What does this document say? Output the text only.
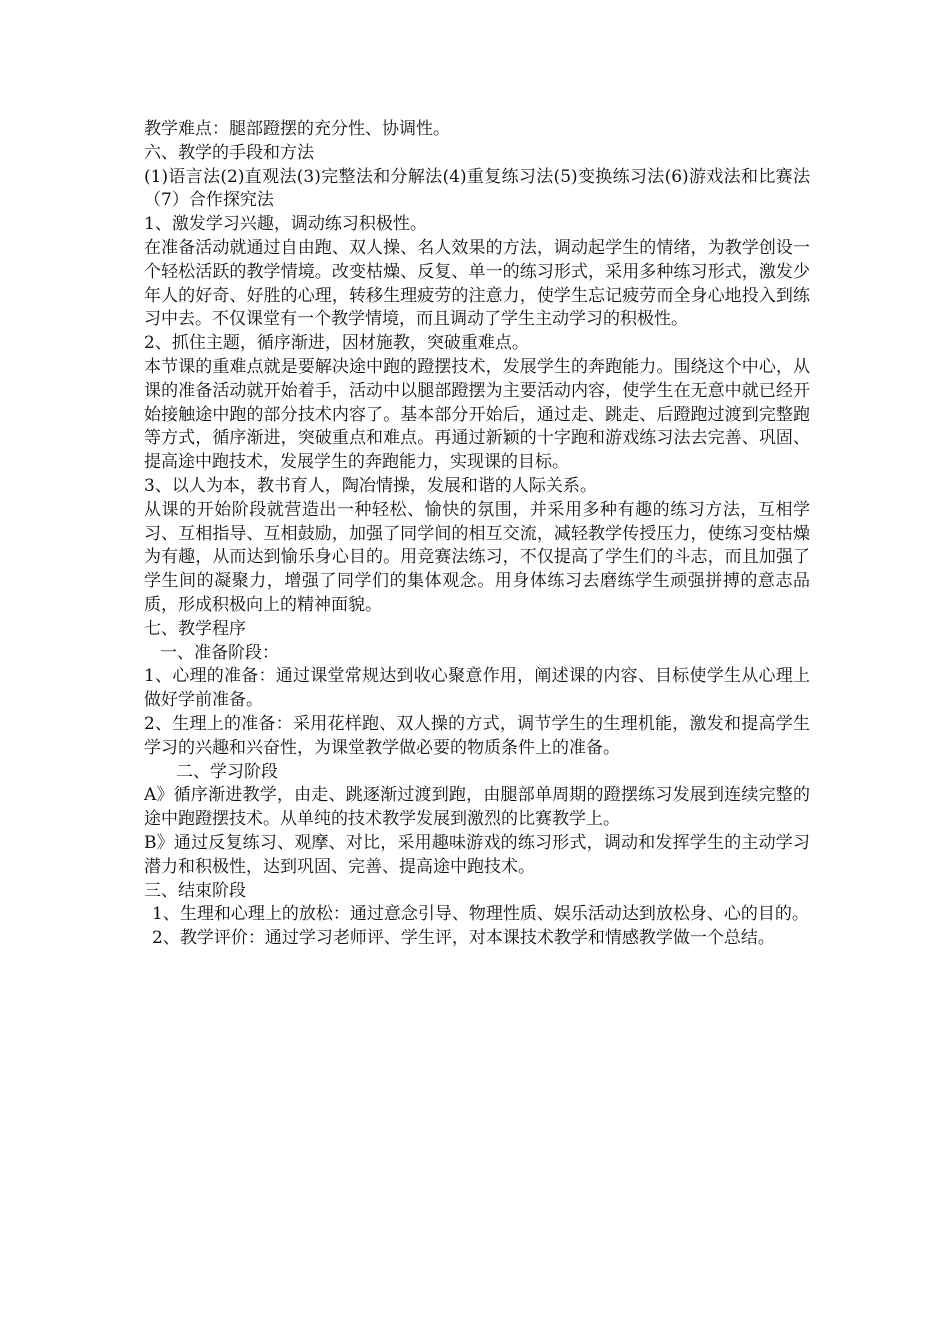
教学难点：腿部蹬摆的充分性、协调性。

六、教学的手段和方法

(1)语言法(2)直观法(3)完整法和分解法(4)重复练习法(5)变换练习法(6)游戏法和比赛法（7）合作探究法

1、激发学习兴趣，调动练习积极性。

在准备活动就通过自由跑、双人操、名人效果的方法，调动起学生的情绪，为教学创设一个轻松活跃的教学情境。改变枯燥、反复、单一的练习形式，采用多种练习形式，激发少年人的好奇、好胜的心理，转移生理疲劳的注意力，使学生忘记疲劳而全身心地投入到练习中去。不仅课堂有一个教学情境，而且调动了学生主动学习的积极性。

2、抓住主题，循序渐进，因材施教，突破重难点。

本节课的重难点就是要解决途中跑的蹬摆技术，发展学生的奔跑能力。围绕这个中心，从课的准备活动就开始着手，活动中以腿部蹬摆为主要活动内容，使学生在无意中就已经开始接触途中跑的部分技术内容了。基本部分开始后，通过走、跳走、后蹬跑过渡到完整跑等方式，循序渐进，突破重点和难点。再通过新颖的十字跑和游戏练习法去完善、巩固、提高途中跑技术，发展学生的奔跑能力，实现课的目标。

3、以人为本，教书育人，陶冶情操，发展和谐的人际关系。

从课的开始阶段就营造出一种轻松、愉快的氛围，并采用多种有趣的练习方法，互相学习、互相指导、互相鼓励，加强了同学间的相互交流，减轻教学传授压力，使练习变枯燥为有趣，从而达到愉乐身心目的。用竞赛法练习，不仅提高了学生们的斗志，而且加强了学生间的凝聚力，增强了同学们的集体观念。用身体练习去磨练学生顽强拼搏的意志品质，形成积极向上的精神面貌。

七、教学程序

一、准备阶段：

1、心理的准备：通过课堂常规达到收心聚意作用，阐述课的内容、目标使学生从心理上做好学前准备。

2、生理上的准备：采用花样跑、双人操的方式，调节学生的生理机能，激发和提高学生学习的兴趣和兴奋性，为课堂教学做必要的物质条件上的准备。

二、学习阶段

A》循序渐进教学，由走、跳逐渐过渡到跑，由腿部单周期的蹬摆练习发展到连续完整的途中跑蹬摆技术。从单纯的技术教学发展到激烈的比赛教学上。

B》通过反复练习、观摩、对比，采用趣味游戏的练习形式，调动和发挥学生的主动学习潜力和积极性，达到巩固、完善、提高途中跑技术。

三、结束阶段

1、生理和心理上的放松：通过意念引导、物理性质、娱乐活动达到放松身、心的目的。

2、教学评价：通过学习老师评、学生评，对本课技术教学和情感教学做一个总结。
